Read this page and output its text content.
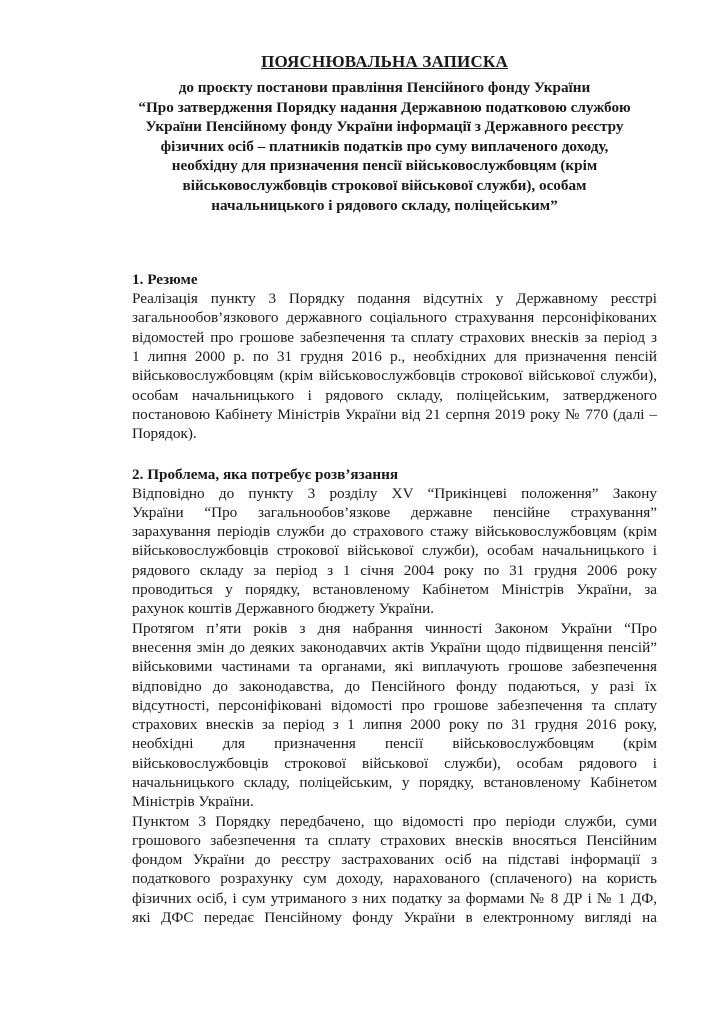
ПОЯСНЮВАЛЬНА ЗАПИСКА
до проєкту постанови правління Пенсійного фонду України
“Про затвердження Порядку надання Державною податковою службою
України Пенсійному фонду України інформації з Державного реєстру
фізичних осіб – платників податків про суму виплаченого доходу,
необхідну для призначення пенсії військовослужбовцям (крім
військовослужбовців строкової військової служби), особам
начальницького і рядового складу, поліцейським”
1. Резюме

Реалізація пункту 3 Порядку подання відсутніх у Державному реєстрі
загальнообов’язкового державного соціального страхування персоніфікованих
відомостей про грошове забезпечення та сплату страхових внесків за період з
1 липня 2000 р. по 31 грудня 2016 р., необхідних для призначення пенсій
військовослужбовцям (крім військовослужбовців строкової військової служби),
особам начальницького і рядового складу, поліцейським, затвердженого
постановою Кабінету Міністрів України від 21 серпня 2019 року № 770 (далі –
Порядок).

2. Проблема, яка потребує розв’язання

Відповідно до пункту 3 розділу XV “Прикінцеві положення” Закону
України “Про загальнообов’язкове державне пенсійне страхування”
зарахування періодів служби до страхового стажу військовослужбовцям (крім
військовослужбовців строкової військової служби), особам начальницького і
рядового складу за період з 1 січня 2004 року по 31 грудня 2006 року
проводиться у порядку, встановленому Кабінетом Міністрів України, за
рахунок коштів Державного бюджету України.

Протягом п’яти років з дня набрання чинності Законом України “Про
внесення змін до деяких законодавчих актів України щодо підвищення пенсій”
військовими частинами та органами, які виплачують грошове забезпечення
відповідно до законодавства, до Пенсійного фонду подаються, у разі їх
відсутності, персоніфіковані відомості про грошове забезпечення та сплату
страхових внесків за період з 1 липня 2000 року по 31 грудня 2016 року,
необхідні для призначення пенсії військовослужбовцям (крім
військовослужбовців строкової військової служби), особам рядового і
начальницького складу, поліцейським, у порядку, встановленому Кабінетом
Міністрів України.

Пунктом 3 Порядку передбачено, що відомості про періоди служби, суми
грошового забезпечення та сплату страхових внесків вносяться Пенсійним
фондом України до реєстру застрахованих осіб на підставі інформації з
податкового розрахунку сум доходу, нарахованого (сплаченого) на користь
фізичних осіб, і сум утриманого з них податку за формами № 8 ДР і № 1 ДФ,
які ДФС передає Пенсійному фонду України в електронному вигляді на
